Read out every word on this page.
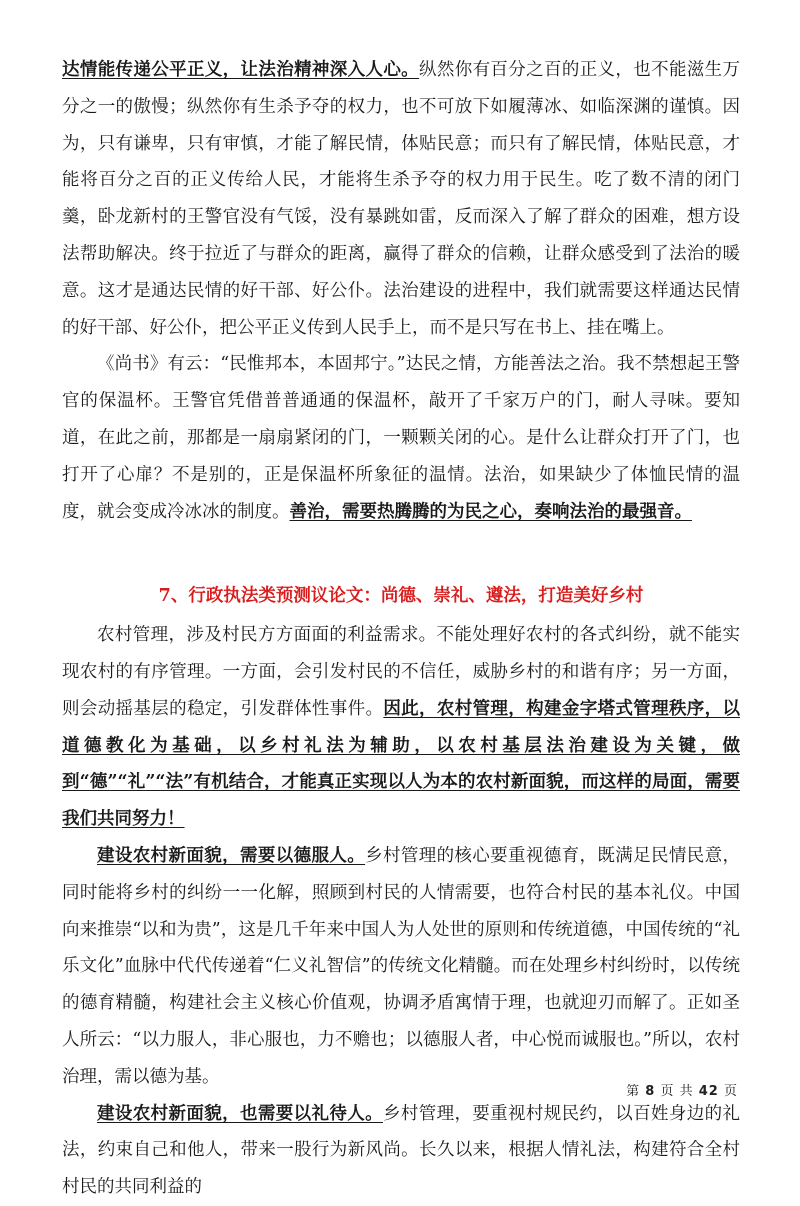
达情能传递公平正义，让法治精神深入人心。纵然你有百分之百的正义，也不能滋生万分之一的傲慢；纵然你有生杀予夺的权力，也不可放下如履薄冰、如临深渊的谨慎。因为，只有谦卑，只有审慎，才能了解民情，体贴民意；而只有了解民情，体贴民意，才能将百分之百的正义传给人民，才能将生杀予夺的权力用于民生。吃了数不清的闭门羹，卧龙新村的王警官没有气馁，没有暴跳如雷，反而深入了解了群众的困难，想方设法帮助解决。终于拉近了与群众的距离，赢得了群众的信赖，让群众感受到了法治的暖意。这才是通达民情的好干部、好公仆。法治建设的进程中，我们就需要这样通达民情的好干部、好公仆，把公平正义传到人民手上，而不是只写在书上、挂在嘴上。

《尚书》有云：“民惟邦本，本固邦宁。”达民之情，方能善法之治。我不禁想起王警官的保温杯。王警官凭借普普通通的保温杯，敲开了千家万户的门，耐人寻味。要知道，在此之前，那都是一扇扇紧闭的门，一颗颗关闭的心。是什么让群众打开了门，也打开了心扉？不是别的，正是保温杯所象征的温情。法治，如果缺少了体恤民情的温度，就会变成冷冰冰的制度。善治，需要热腾腾的为民之心，奏响法治的最强音。

7、行政执法类预测议论文：尚德、崇礼、遵法，打造美好乡村

农村管理，涉及村民方方面面的利益需求。不能处理好农村的各式纠纷，就不能实现农村的有序管理。一方面，会引发村民的不信任，威胁乡村的和谐有序；另一方面，则会动摇基层的稳定，引发群体性事件。因此，农村管理，构建金字塔式管理秩序，以道德教化为基础，以乡村礼法为辅助，以农村基层法治建设为关键，做到“德”“礼”“法”有机结合，才能真正实现以人为本的农村新面貌，而这样的局面，需要我们共同努力！

建设农村新面貌，需要以德服人。乡村管理的核心要重视德育，既满足民情民意，同时能将乡村的纠纷一一化解，照顾到村民的人情需要，也符合村民的基本礼仪。中国向来推崇“以和为贵”，这是几千年来中国人为人处世的原则和传统道德，中国传统的“礼乐文化”血脉中代代传递着“仁义礼智信”的传统文化精髓。而在处理乡村纠纷时，以传统的德育精髓，构建社会主义核心价值观，协调矛盾寓情于理，也就迎刃而解了。正如圣人所云：“以力服人，非心服也，力不赡也；以德服人者，中心悦而诚服也。”所以，农村治理，需以德为基。

建设农村新面貌，也需要以礼待人。乡村管理，要重视村规民约，以百姓身边的礼法，约束自己和他人，带来一股行为新风尚。长久以来，根据人情礼法，构建符合全村村民的共同利益的

第 8 页 共 42 页
